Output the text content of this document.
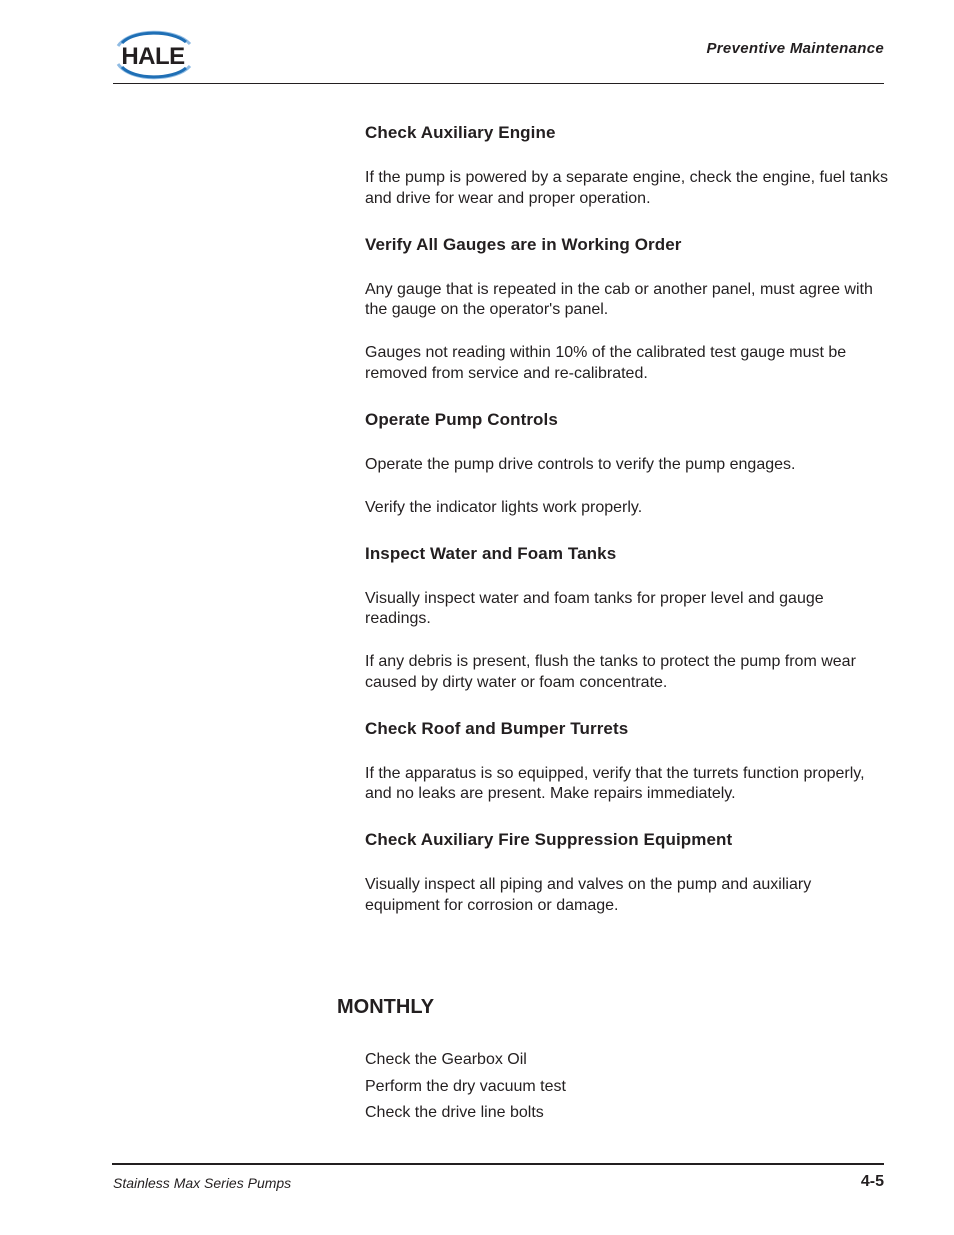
HALE	Preventive Maintenance
Check Auxiliary Engine

If the pump is powered by a separate engine, check the engine, fuel tanks and drive for wear and proper operation.

Verify All Gauges are in Working Order

Any gauge that is repeated in the cab or another panel, must agree with the gauge on the operator's panel.

Gauges not reading within 10% of the calibrated test gauge must be removed from service and re-calibrated.

Operate Pump Controls

Operate the pump drive controls to verify the pump engages.

Verify the indicator lights work properly.

Inspect Water and Foam Tanks

Visually inspect water and foam tanks for proper level and gauge readings.

If any debris is present, flush the tanks to protect the pump from wear caused by dirty water or foam concentrate.

Check Roof and Bumper Turrets

If the apparatus is so equipped, verify that the turrets function properly, and no leaks are present. Make repairs immediately.

Check Auxiliary Fire Suppression Equipment

Visually inspect all piping and valves on the pump and auxiliary equipment for corrosion or damage.

MONTHLY
Check the Gearbox Oil
Perform the dry vacuum test
Check the drive line bolts
Stainless Max Series Pumps	4-5
